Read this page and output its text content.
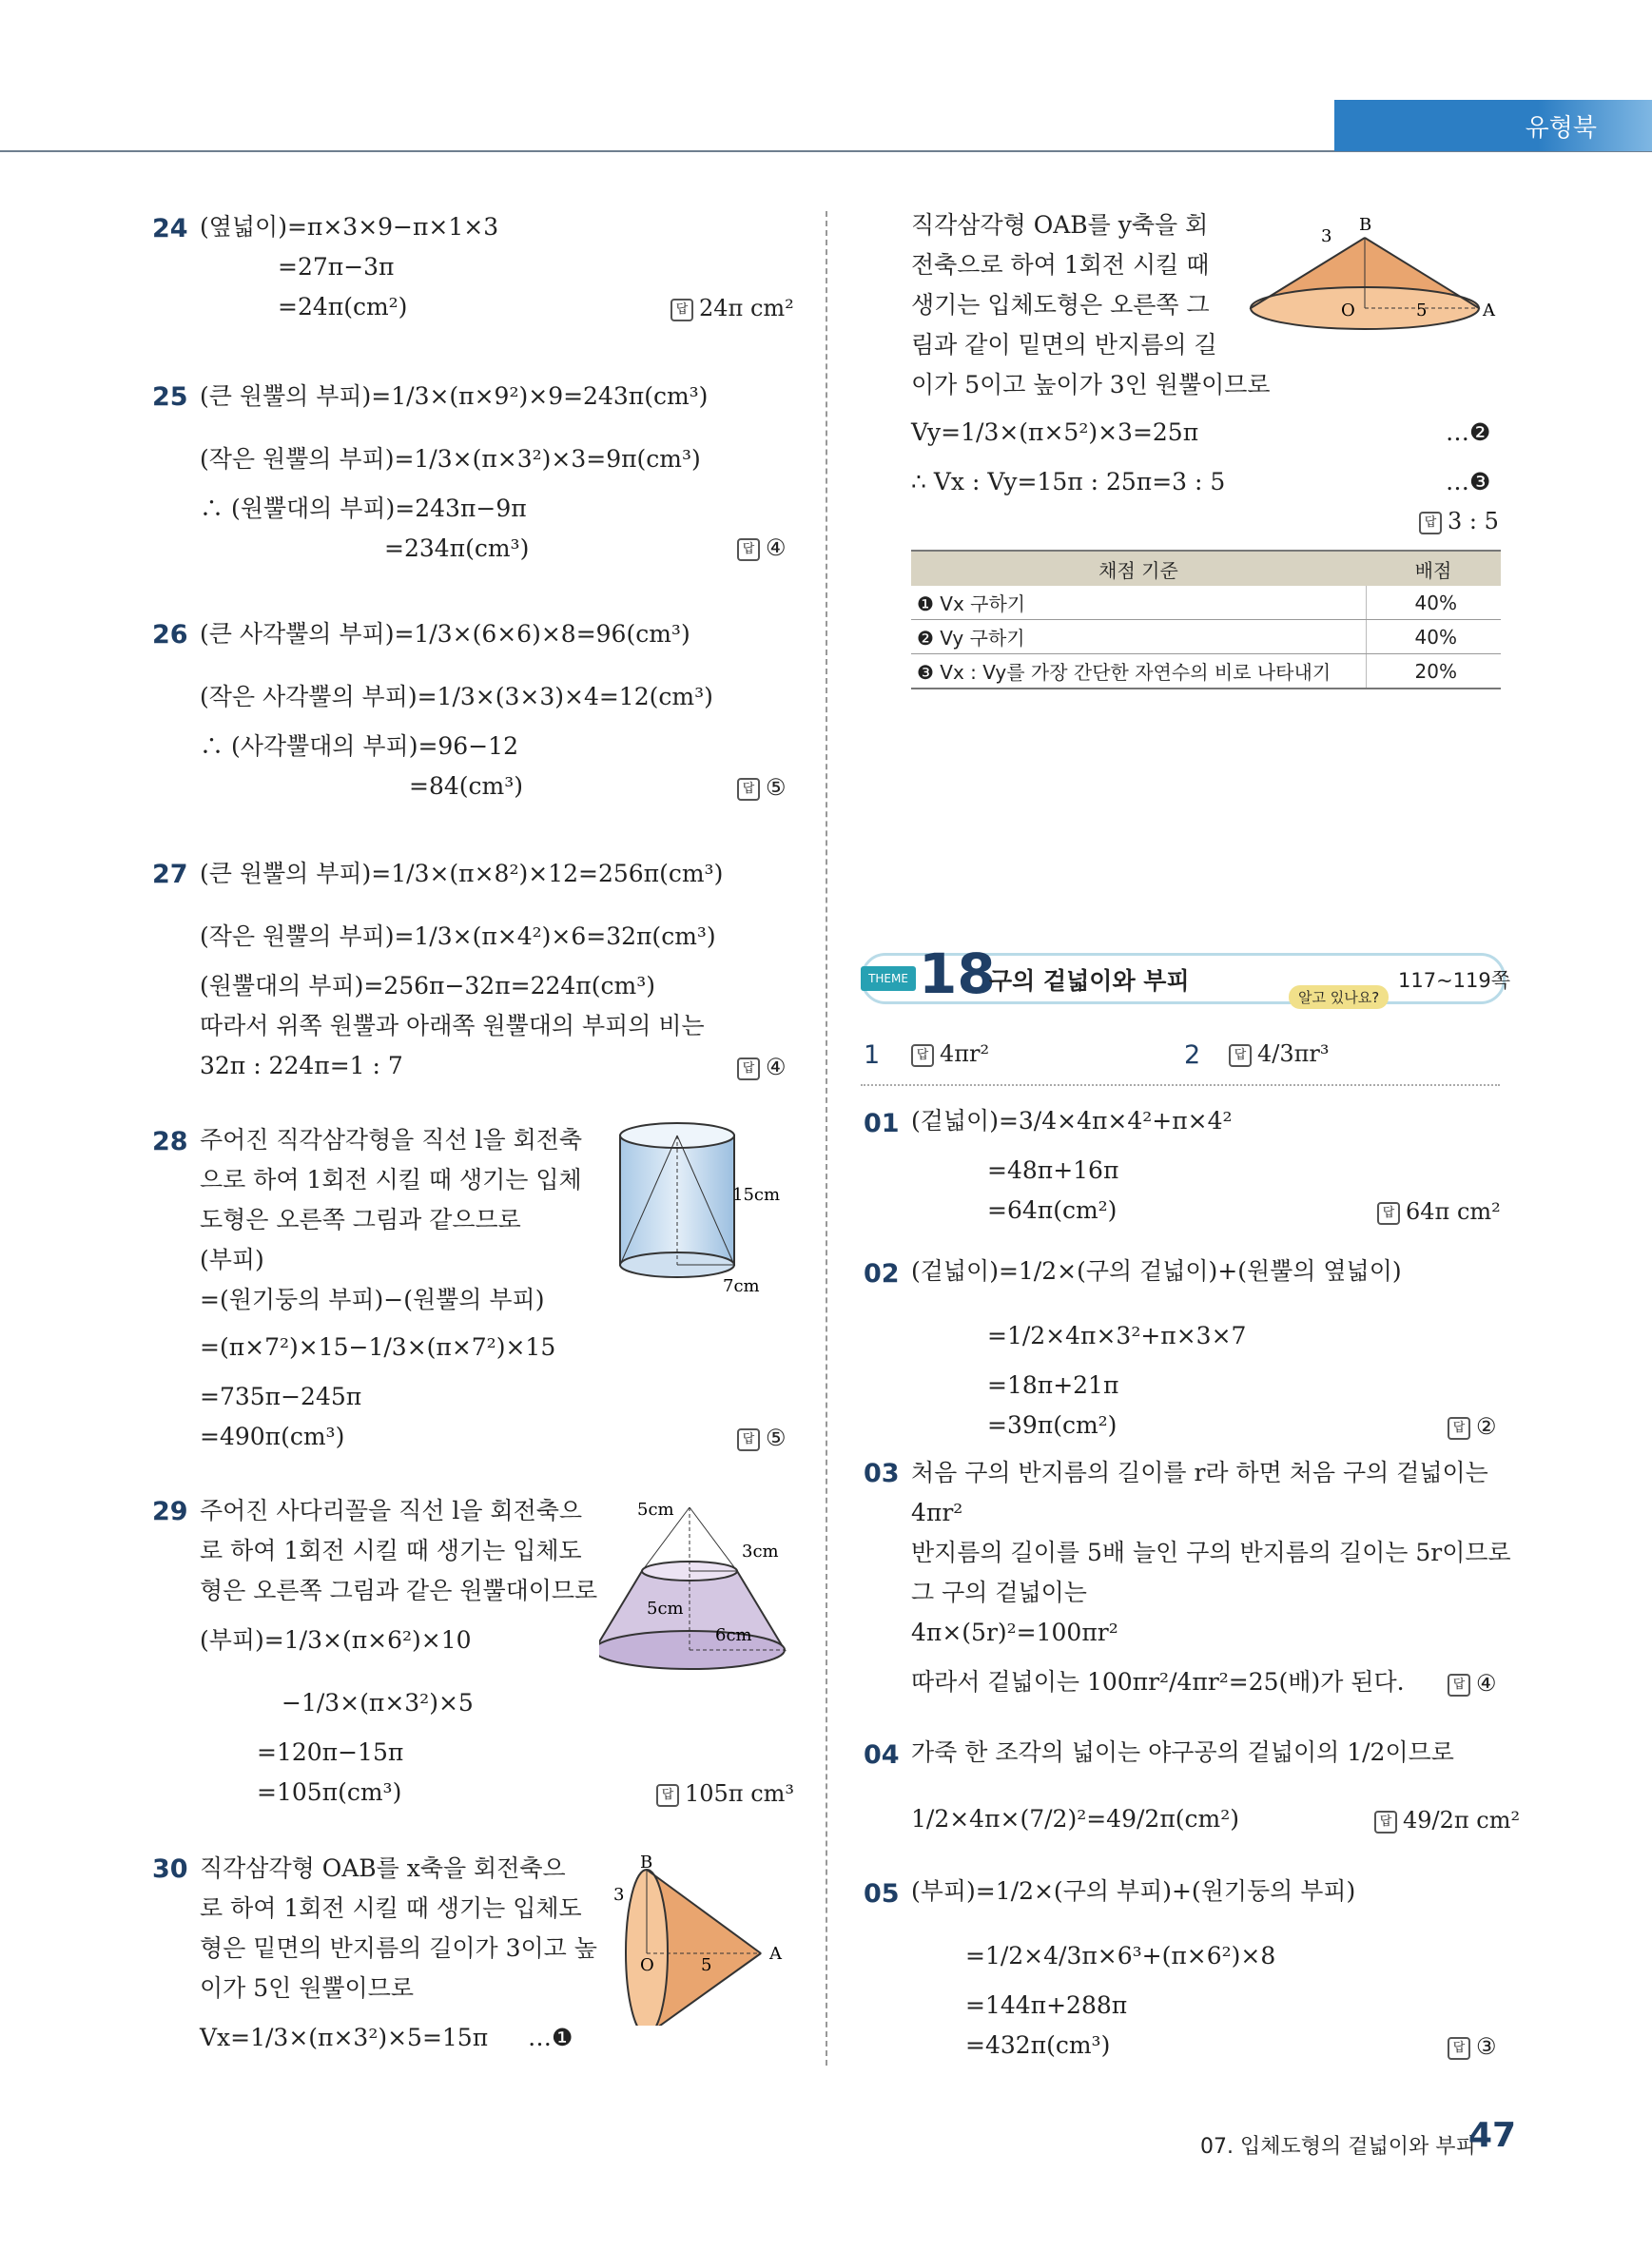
유형북
24 (옆넓이)=π×3×9−π×1×3
=27π−3π
=24π(cm²)	답 24π cm²
25 (큰 원뿔의 부피)=1/3×(π×9²)×9=243π(cm³)
(작은 원뿔의 부피)=1/3×(π×3²)×3=9π(cm³)
∴ (원뿔대의 부피)=243π−9π
=234π(cm³)	답 ④
26 (큰 사각뿔의 부피)=1/3×(6×6)×8=96(cm³)
(작은 사각뿔의 부피)=1/3×(3×3)×4=12(cm³)
∴ (사각뿔대의 부피)=96−12
=84(cm³)	답 ⑤
27 (큰 원뿔의 부피)=1/3×(π×8²)×12=256π(cm³)
(작은 원뿔의 부피)=1/3×(π×4²)×6=32π(cm³)
(원뿔대의 부피)=256π−32π=224π(cm³)
따라서 위쪽 원뿔과 아래쪽 원뿔대의 부피의 비는
32π : 224π=1 : 7	답 ④
28 주어진 직각삼각형을 직선 l을 회전축
으로 하여 1회전 시킬 때 생기는 입체
도형은 오른쪽 그림과 같으므로
(부피)
=(원기둥의 부피)−(원뿔의 부피)
=(π×7²)×15−1/3×(π×7²)×15
=735π−245π
=490π(cm³)	답 ⑤
15cm
7cm
29 주어진 사다리꼴을 직선 l을 회전축으
로 하여 1회전 시킬 때 생기는 입체도
형은 오른쪽 그림과 같은 원뿔대이므로
(부피)=1/3×(π×6²)×10
−1/3×(π×3²)×5
=120π−15π
=105π(cm³)	답 105π cm³
5cm
3cm
5cm
6cm
30 직각삼각형 OAB를 x축을 회전축으
로 하여 1회전 시킬 때 생기는 입체도
형은 밑면의 반지름의 길이가 3이고 높
이가 5인 원뿔이므로
Vx=1/3×(π×3²)×5=15π …❶
B
3
O	5
A
직각삼각형 OAB를 y축을 회
전축으로 하여 1회전 시킬 때
생기는 입체도형은 오른쪽 그
림과 같이 밑면의 반지름의 길
이가 5이고 높이가 3인 원뿔이므로
Vy=1/3×(π×5²)×3=25π	…❷
∴ Vx : Vy=15π : 25π=3 : 5	…❸
답 3 : 5
3
B
O	5	A
채점 기준	배점
❶ Vx 구하기	40%
❷ Vy 구하기	40%
❸ Vx : Vy를 가장 간단한 자연수의 비로 나타내기	20%
THEME 18
구의 겉넓이와 부피	117~119쪽
알고 있나요?
1	답 4πr²	2	답 4/3πr³
01 (겉넓이)=3/4×4π×4²+π×4²
=48π+16π
=64π(cm²)	답 64π cm²
02 (겉넓이)=1/2×(구의 겉넓이)+(원뿔의 옆넓이)
=1/2×4π×3²+π×3×7
=18π+21π
=39π(cm²)	답 ②
03 처음 구의 반지름의 길이를 r라 하면 처음 구의 겉넓이는
4πr²
반지름의 길이를 5배 늘인 구의 반지름의 길이는 5r이므로
그 구의 겉넓이는
4π×(5r)²=100πr²
따라서 겉넓이는 100πr²/4πr²=25(배)가 된다.	답 ④
04 가죽 한 조각의 넓이는 야구공의 겉넓이의 1/2이므로
1/2×4π×(7/2)²=49/2π(cm²)	답 49/2π cm²
05 (부피)=1/2×(구의 부피)+(원기둥의 부피)
=1/2×4/3π×6³+(π×6²)×8
=144π+288π
=432π(cm³)	답 ③
07. 입체도형의 겉넓이와 부피
47
